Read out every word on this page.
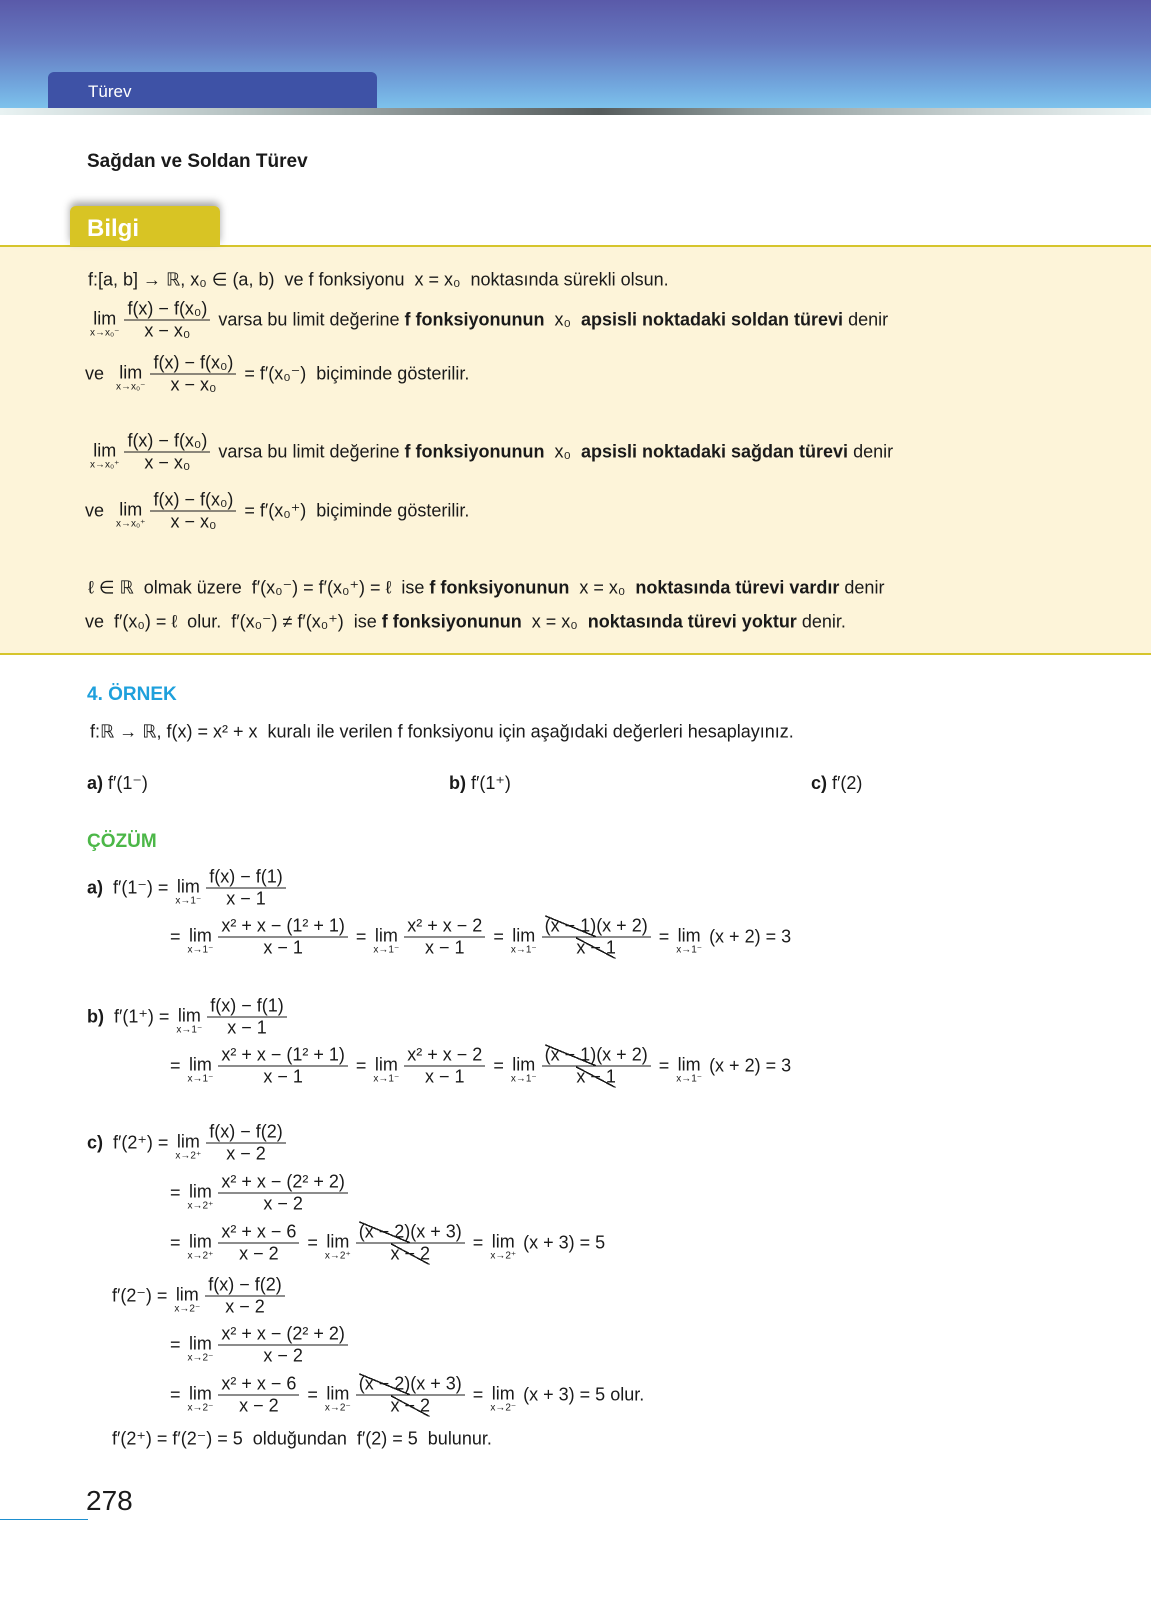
Türev
Sağdan ve Soldan Türev
Bilgi
f:[a, b] → ℝ, x₀ ∈ (a, b)  ve f fonksiyonu  x = x₀  noktasında sürekli olsun.
lim
$x\to x_0^- \frac{\text{f(x) − f(x₀)}}{\text{x − x₀}}$ varsa bu limit değerine f fonksiyonunun x₀ apsisli noktadaki soldan türevi denir
ve lim
$x\to x_0^- \frac{\text{f(x) − f(x₀)}}{\text{x − x₀}} = f'(x_0^-)$  biçiminde gösterilir.
lim
$x\to x_0^+ \frac{\text{f(x) − f(x₀)}}{\text{x − x₀}}$ varsa bu limit değerine f fonksiyonunun x₀ apsisli noktadaki sağdan türevi denir
ve lim
$x\to x_0^+ \frac{\text{f(x) − f(x₀)}}{\text{x − x₀}} = f'(x_0^+)$  biçiminde gösterilir.
ℓ ∈ ℝ  olmak üzere  f′(x₀⁻) = f′(x₀⁺) = ℓ  ise f fonksiyonunun x = x₀ noktasında türevi vardır denir
ve  f′(x₀) = ℓ  olur.  f′(x₀⁻) ≠ f′(x₀⁺)  ise f fonksiyonunun x = x₀ noktasında türevi yoktur denir.
4. ÖRNEK
f:ℝ → ℝ, f(x) = x² + x  kuralı ile verilen f fonksiyonu için aşağıdaki değerleri hesaplayınız.
a) f′(1⁻)	b) f′(1⁺)	c) f′(2)
ÇÖZÜM
a) f′(1⁻) = lim
$x\to 1^- \frac{f(x) - f(1)}{x - 1}$
= lim
$x\to 1^- \frac{\text{x² + x − (1² + 1)}}{x - 1} = \lim$
$x\to 1^- \frac{\text{x² + x − 2}}{x - 1} = \lim$
$x\to 1^- \frac{(x - 1) (x + 2)}{x - 1} = \lim$
x→1⁻
(x + 2) = 3
b) f′(1⁺) = lim
$x\to 1^- \frac{f(x) - f(1)}{x - 1}$
= lim
$x\to 1^- \frac{\text{x² + x − (1² + 1)}}{x - 1} = \lim$
$x\to 1^- \frac{\text{x² + x − 2}}{x - 1} = \lim$
$x\to 1^- \frac{(x - 1) (x + 2)}{x - 1} = \lim$
x→1⁻
(x + 2) = 3
c) f′(2⁺) = lim
$x\to 2^+ \frac{f(x) - f(2)}{x - 2}$
= lim
$x\to 2^+ \frac{\text{x² + x − (2² + 2)}}{x - 2}$
= lim
$x\to 2^+ \frac{\text{x² + x − 6}}{x - 2} = \lim$
$x\to 2^+ \frac{(x - 2) (x + 3)}{x - 2} = \lim$
x→2⁺
(x + 3) = 5
f′(2⁻) = lim
$x\to 2^- \frac{f(x) - f(2)}{x - 2}$
= lim
$x\to 2^- \frac{\text{x² + x − (2² + 2)}}{x - 2}$
= lim
$x\to 2^- \frac{\text{x² + x − 6}}{x - 2} = \lim$
$x\to 2^- \frac{(x - 2) (x + 3)}{x - 2} = \lim$
x→2⁻
(x + 3) = 5 olur.
f′(2⁺) = f′(2⁻) = 5  olduğundan  f′(2) = 5  bulunur.
278
